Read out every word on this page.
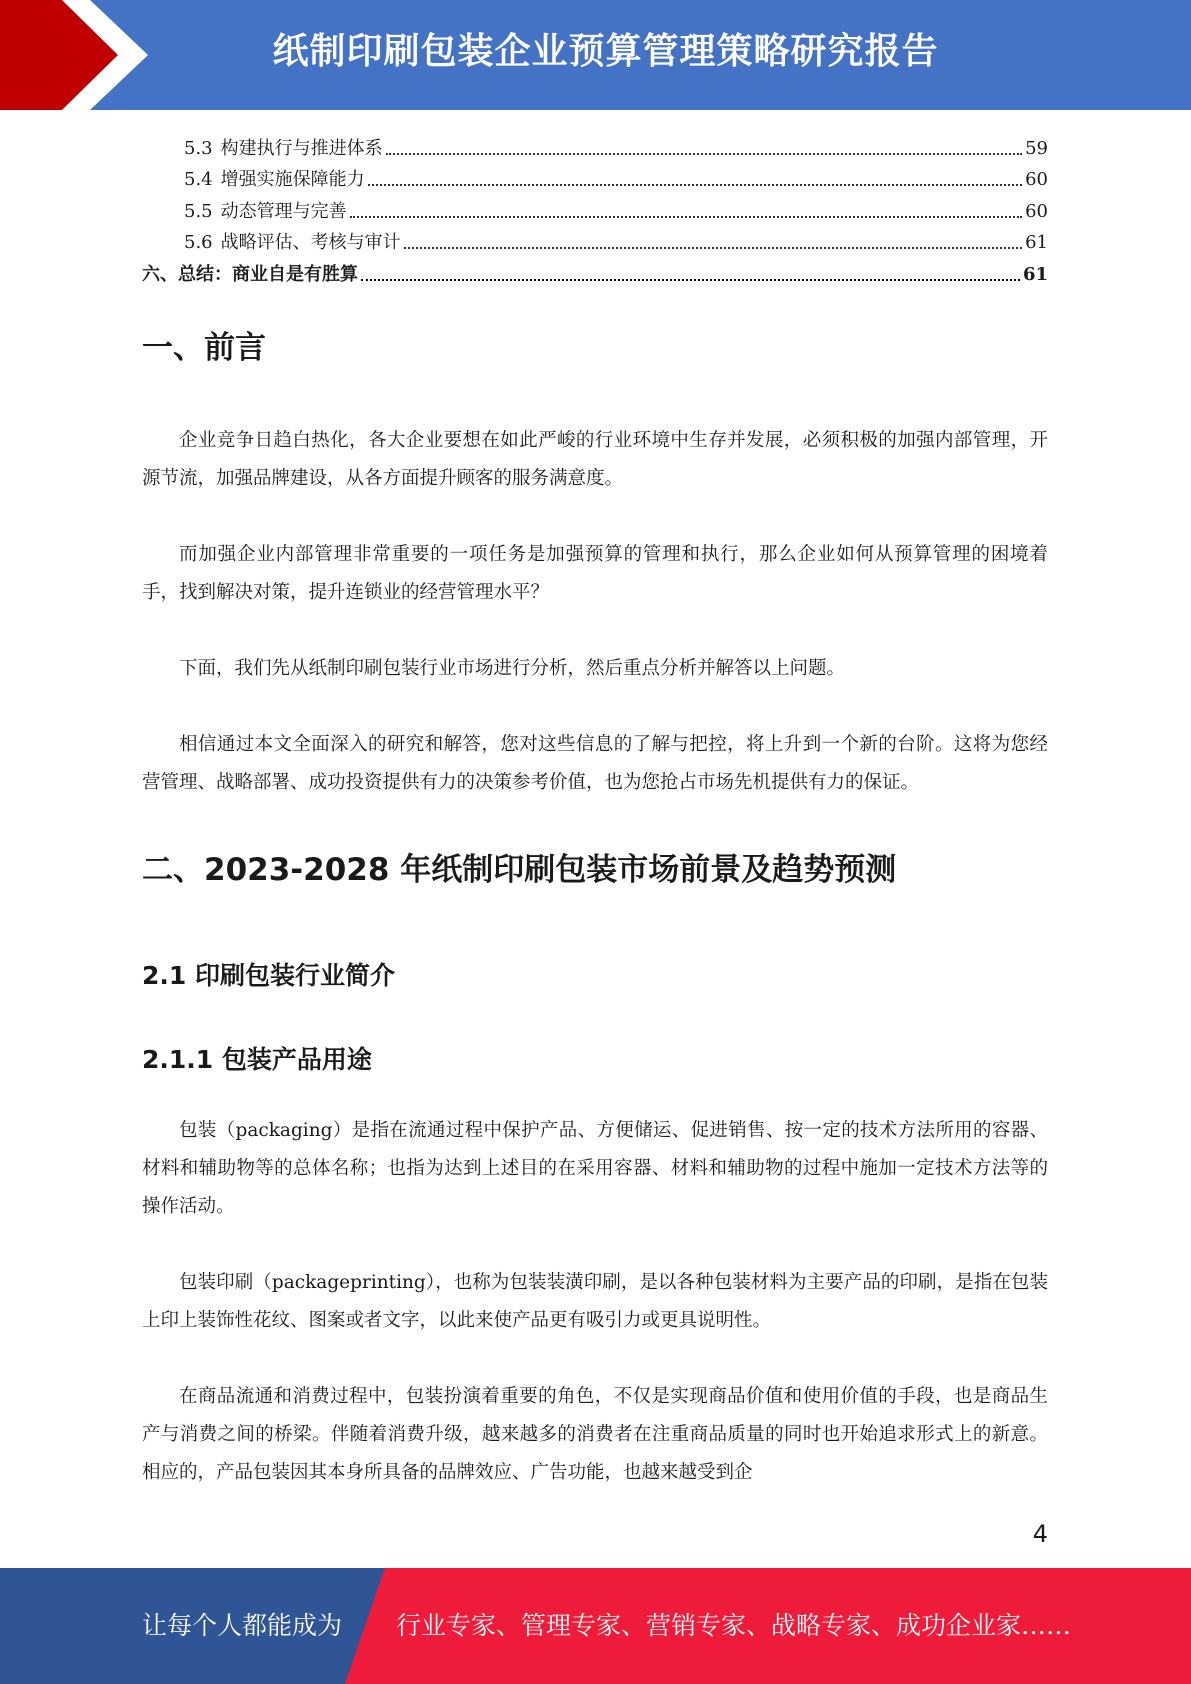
纸制印刷包装企业预算管理策略研究报告
5.3 构建执行与推进体系	59
5.4 增强实施保障能力	60
5.5 动态管理与完善	60
5.6 战略评估、考核与审计	61
六、总结：商业自是有胜算	61
一、前言

企业竞争日趋白热化，各大企业要想在如此严峻的行业环境中生存并发展，必须积极的加强内部管理，开源节流，加强品牌建设，从各方面提升顾客的服务满意度。

而加强企业内部管理非常重要的一项任务是加强预算的管理和执行，那么企业如何从预算管理的困境着手，找到解决对策，提升连锁业的经营管理水平？

下面，我们先从纸制印刷包装行业市场进行分析，然后重点分析并解答以上问题。

相信通过本文全面深入的研究和解答，您对这些信息的了解与把控，将上升到一个新的台阶。这将为您经营管理、战略部署、成功投资提供有力的决策参考价值，也为您抢占市场先机提供有力的保证。

二、2023-2028 年纸制印刷包装市场前景及趋势预测
2.1 印刷包装行业简介
2.1.1 包装产品用途

包装（packaging）是指在流通过程中保护产品、方便储运、促进销售、按一定的技术方法所用的容器、材料和辅助物等的总体名称；也指为达到上述目的在采用容器、材料和辅助物的过程中施加一定技术方法等的操作活动。

包装印刷（packageprinting），也称为包装装潢印刷，是以各种包装材料为主要产品的印刷，是指在包装上印上装饰性花纹、图案或者文字，以此来使产品更有吸引力或更具说明性。

在商品流通和消费过程中，包装扮演着重要的角色，不仅是实现商品价值和使用价值的手段，也是商品生产与消费之间的桥梁。伴随着消费升级，越来越多的消费者在注重商品质量的同时也开始追求形式上的新意。相应的，产品包装因其本身所具备的品牌效应、广告功能，也越来越受到企

4
让每个人都能成为 行业专家、管理专家、营销专家、战略专家、成功企业家……
